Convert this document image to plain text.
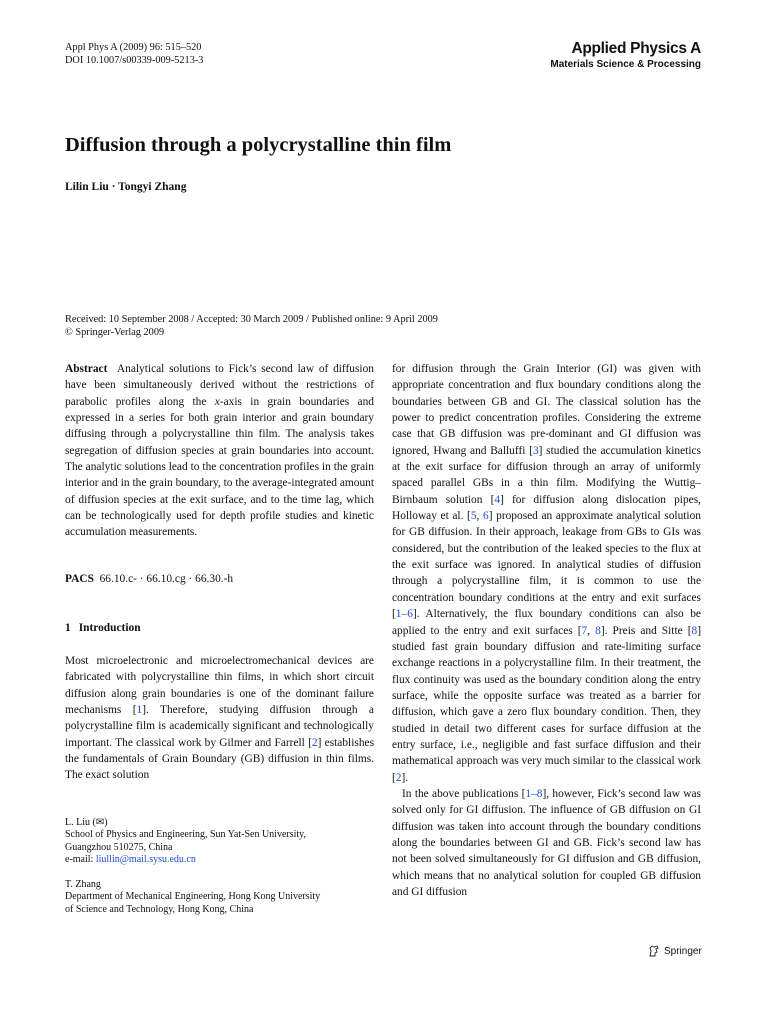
Appl Phys A (2009) 96: 515–520
DOI 10.1007/s00339-009-5213-3
Applied Physics A
Materials Science & Processing
Diffusion through a polycrystalline thin film
Lilin Liu · Tongyi Zhang
Received: 10 September 2008 / Accepted: 30 March 2009 / Published online: 9 April 2009
© Springer-Verlag 2009

Abstract Analytical solutions to Fick’s second law of diffusion have been simultaneously derived without the restrictions of parabolic profiles along the x-axis in grain boundaries and expressed in a series for both grain interior and grain boundary diffusing through a polycrystalline thin film. The analysis takes segregation of diffusion species at grain boundaries into account. The analytic solutions lead to the concentration profiles in the grain interior and in the grain boundary, to the average-integrated amount of diffusion species at the exit surface, and to the time lag, which can be technologically used for depth profile studies and kinetic accumulation measurements.

PACS 66.10.c- · 66.10.cg · 66.30.-h
1 Introduction

Most microelectronic and microelectromechanical devices are fabricated with polycrystalline thin films, in which short circuit diffusion along grain boundaries is one of the dominant failure mechanisms [1]. Therefore, studying diffusion through a polycrystalline film is academically significant and technologically important. The classical work by Gilmer and Farrell [2] establishes the fundamentals of Grain Boundary (GB) diffusion in thin films. The exact solution

L. Liu (✉)
School of Physics and Engineering, Sun Yat-Sen University,
Guangzhou 510275, China
e-mail: liullin@mail.sysu.edu.cn
T. Zhang
Department of Mechanical Engineering, Hong Kong University
of Science and Technology, Hong Kong, China

for diffusion through the Grain Interior (GI) was given with appropriate concentration and flux boundary conditions along the boundaries between GB and GI. The classical solution has the power to predict concentration profiles. Considering the extreme case that GB diffusion was pre-dominant and GI diffusion was ignored, Hwang and Balluffi [3] studied the accumulation kinetics at the exit surface for diffusion through an array of uniformly spaced parallel GBs in a thin film. Modifying the Wuttig–Birnbaum solution [4] for diffusion along dislocation pipes, Holloway et al. [5, 6] proposed an approximate analytical solution for GB diffusion. In their approach, leakage from GBs to GIs was considered, but the contribution of the leaked species to the flux at the exit surface was ignored. In analytical studies of diffusion through a polycrystalline film, it is common to use the concentration boundary conditions at the entry and exit surfaces [1–6]. Alternatively, the flux boundary conditions can also be applied to the entry and exit surfaces [7, 8]. Preis and Sitte [8] studied fast grain boundary diffusion and rate-limiting surface exchange reactions in a polycrystalline film. In their treatment, the flux continuity was used as the boundary condition along the entry surface, while the opposite surface was treated as a barrier for diffusion, which gave a zero flux boundary condition. Then, they studied in detail two different cases for surface diffusion at the entry surface, i.e., negligible and fast surface diffusion and their mathematical approach was very much similar to the classical work [2].

In the above publications [1–8], however, Fick’s second law was solved only for GI diffusion. The influence of GB diffusion on GI diffusion was taken into account through the boundary conditions along the boundaries between GI and GB. Fick’s second law has not been solved simultaneously for GI diffusion and GB diffusion, which means that no analytical solution for coupled GB diffusion and GI diffusion

Springer
